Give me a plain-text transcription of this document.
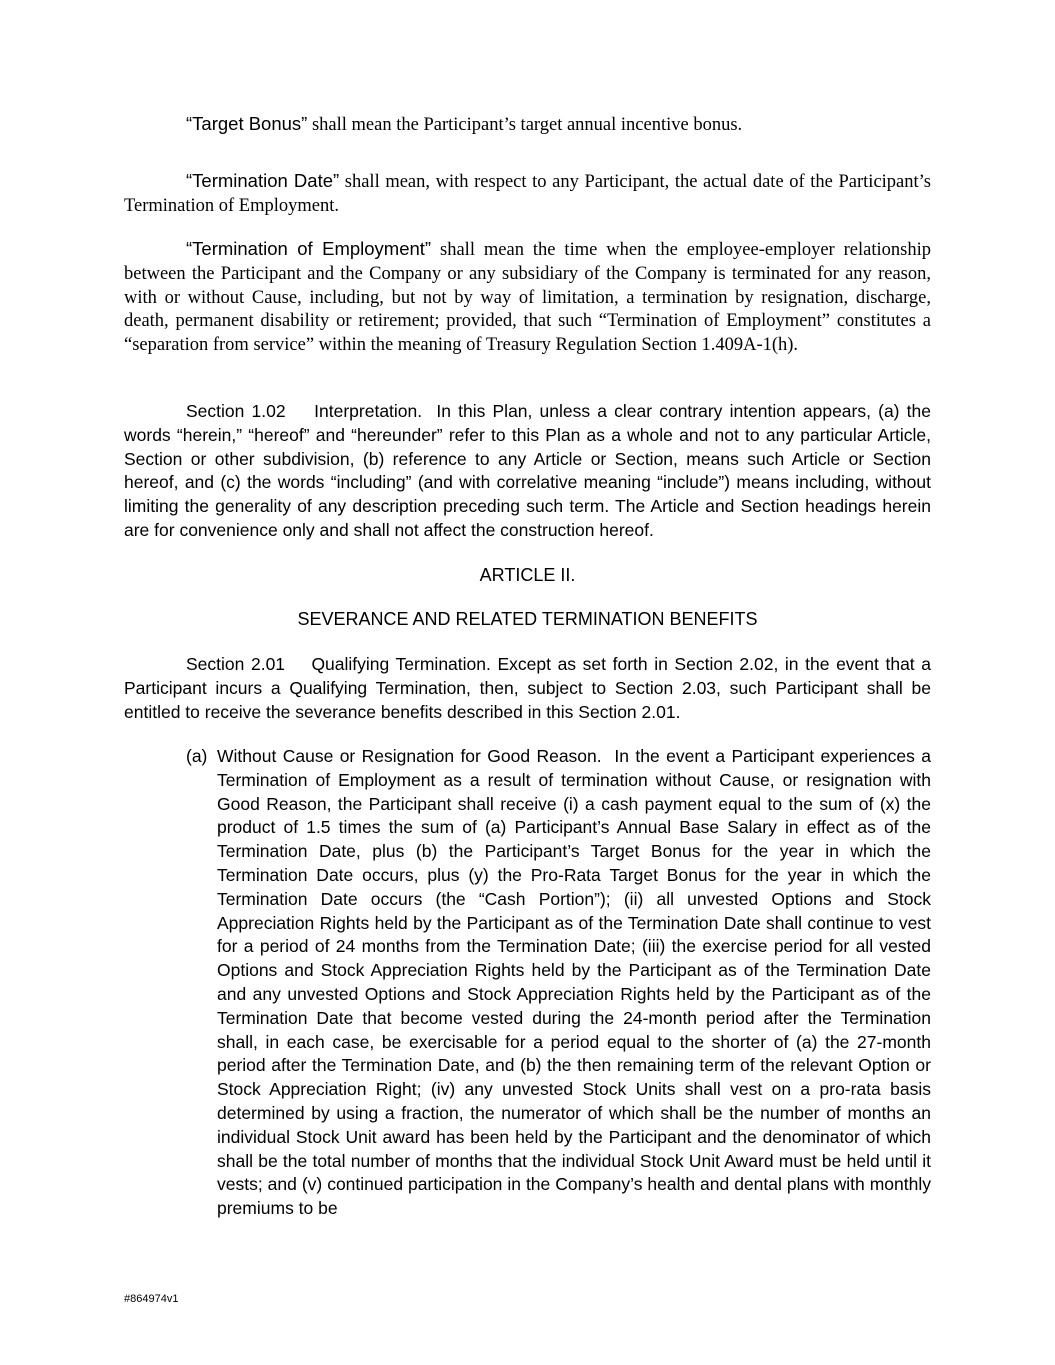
“Target Bonus” shall mean the Participant’s target annual incentive bonus.

“Termination Date” shall mean, with respect to any Participant, the actual date of the Participant’s Termination of Employment.

“Termination of Employment” shall mean the time when the employee-employer relationship between the Participant and the Company or any subsidiary of the Company is terminated for any reason, with or without Cause, including, but not by way of limitation, a termination by resignation, discharge, death, permanent disability or retirement; provided, that such “Termination of Employment” constitutes a “separation from service” within the meaning of Treasury Regulation Section 1.409A-1(h).

Section 1.02 Interpretation. In this Plan, unless a clear contrary intention appears, (a) the words “herein,” “hereof” and “hereunder” refer to this Plan as a whole and not to any particular Article, Section or other subdivision, (b) reference to any Article or Section, means such Article or Section hereof, and (c) the words “including” (and with correlative meaning “include”) means including, without limiting the generality of any description preceding such term. The Article and Section headings herein are for convenience only and shall not affect the construction hereof.

ARTICLE II.
SEVERANCE AND RELATED TERMINATION BENEFITS

Section 2.01 Qualifying Termination. Except as set forth in Section 2.02, in the event that a Participant incurs a Qualifying Termination, then, subject to Section 2.03, such Participant shall be entitled to receive the severance benefits described in this Section 2.01.

(a) Without Cause or Resignation for Good Reason. In the event a Participant experiences a Termination of Employment as a result of termination without Cause, or resignation with Good Reason, the Participant shall receive (i) a cash payment equal to the sum of (x) the product of 1.5 times the sum of (a) Participant’s Annual Base Salary in effect as of the Termination Date, plus (b) the Participant’s Target Bonus for the year in which the Termination Date occurs, plus (y) the Pro-Rata Target Bonus for the year in which the Termination Date occurs (the “Cash Portion”); (ii) all unvested Options and Stock Appreciation Rights held by the Participant as of the Termination Date shall continue to vest for a period of 24 months from the Termination Date; (iii) the exercise period for all vested Options and Stock Appreciation Rights held by the Participant as of the Termination Date and any unvested Options and Stock Appreciation Rights held by the Participant as of the Termination Date that become vested during the 24-month period after the Termination shall, in each case, be exercisable for a period equal to the shorter of (a) the 27-month period after the Termination Date, and (b) the then remaining term of the relevant Option or Stock Appreciation Right; (iv) any unvested Stock Units shall vest on a pro-rata basis determined by using a fraction, the numerator of which shall be the number of months an individual Stock Unit award has been held by the Participant and the denominator of which shall be the total number of months that the individual Stock Unit Award must be held until it vests; and (v) continued participation in the Company’s health and dental plans with monthly premiums to be

#864974v1
